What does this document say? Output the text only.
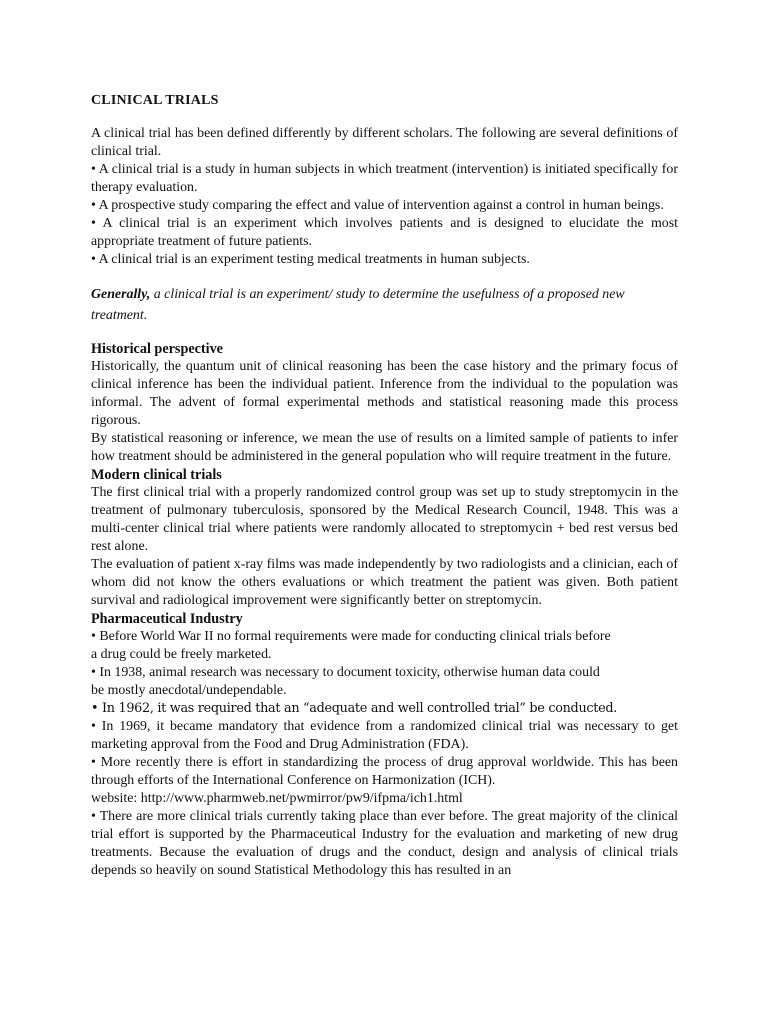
CLINICAL TRIALS

A clinical trial has been defined differently by different scholars. The following are several definitions of clinical trial.

• A clinical trial is a study in human subjects in which treatment (intervention) is initiated specifically for therapy evaluation.

• A prospective study comparing the effect and value of intervention against a control in human beings.

• A clinical trial is an experiment which involves patients and is designed to elucidate the most appropriate treatment of future patients.

• A clinical trial is an experiment testing medical treatments in human subjects.

Generally, a clinical trial is an experiment/ study to determine the usefulness of a proposed new treatment.

Historical perspective

Historically, the quantum unit of clinical reasoning has been the case history and the primary focus of clinical inference has been the individual patient. Inference from the individual to the population was informal. The advent of formal experimental methods and statistical reasoning made this process rigorous.

By statistical reasoning or inference, we mean the use of results on a limited sample of patients to infer how treatment should be administered in the general population who will require treatment in the future.

Modern clinical trials

The first clinical trial with a properly randomized control group was set up to study streptomycin in the treatment of pulmonary tuberculosis, sponsored by the Medical Research Council, 1948. This was a multi-center clinical trial where patients were randomly allocated to streptomycin + bed rest versus bed rest alone.

The evaluation of patient x-ray films was made independently by two radiologists and a clinician, each of whom did not know the others evaluations or which treatment the patient was given. Both patient survival and radiological improvement were significantly better on streptomycin.

Pharmaceutical Industry

• Before World War II no formal requirements were made for conducting clinical trials before
a drug could be freely marketed.

• In 1938, animal research was necessary to document toxicity, otherwise human data could
be mostly anecdotal/undependable.

• In 1962, it was required that an “adequate and well controlled trial” be conducted.

• In 1969, it became mandatory that evidence from a randomized clinical trial was necessary to get marketing approval from the Food and Drug Administration (FDA).

• More recently there is effort in standardizing the process of drug approval worldwide. This has been through efforts of the International Conference on Harmonization (ICH).

website: http://www.pharmweb.net/pwmirror/pw9/ifpma/ich1.html

• There are more clinical trials currently taking place than ever before. The great majority of the clinical trial effort is supported by the Pharmaceutical Industry for the evaluation and marketing of new drug treatments. Because the evaluation of drugs and the conduct, design and analysis of clinical trials depends so heavily on sound Statistical Methodology this has resulted in an
